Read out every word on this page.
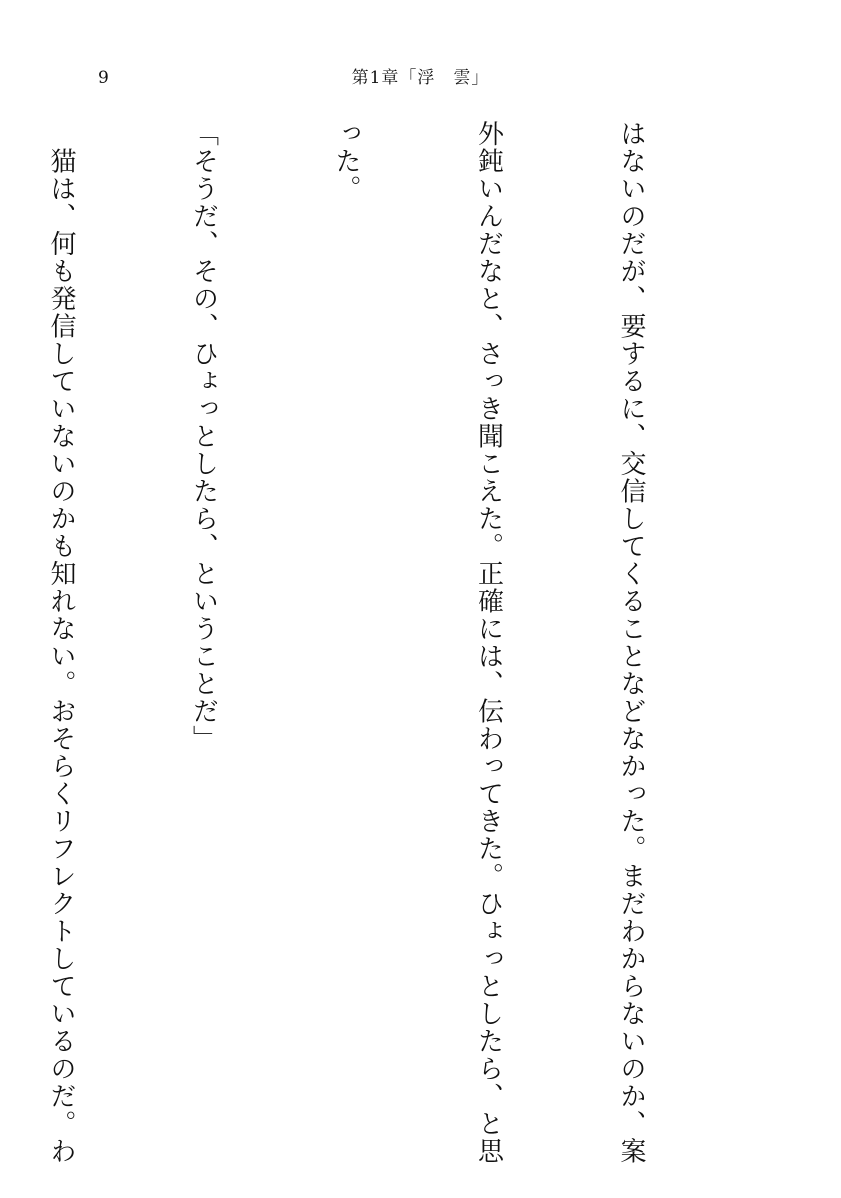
9	第1章「浮　雲」

はないのだが、要するに、交信してくることなどなかった。まだわからないのか、案

外鈍いんだなと、さっき聞こえた。正確には、伝わってきた。ひょっとしたら、と思

った。

「そうだ、その、ひょっとしたら、ということだ」

　猫は、何も発信していないのかも知れない。おそらくリフレクトしているのだ。わ
